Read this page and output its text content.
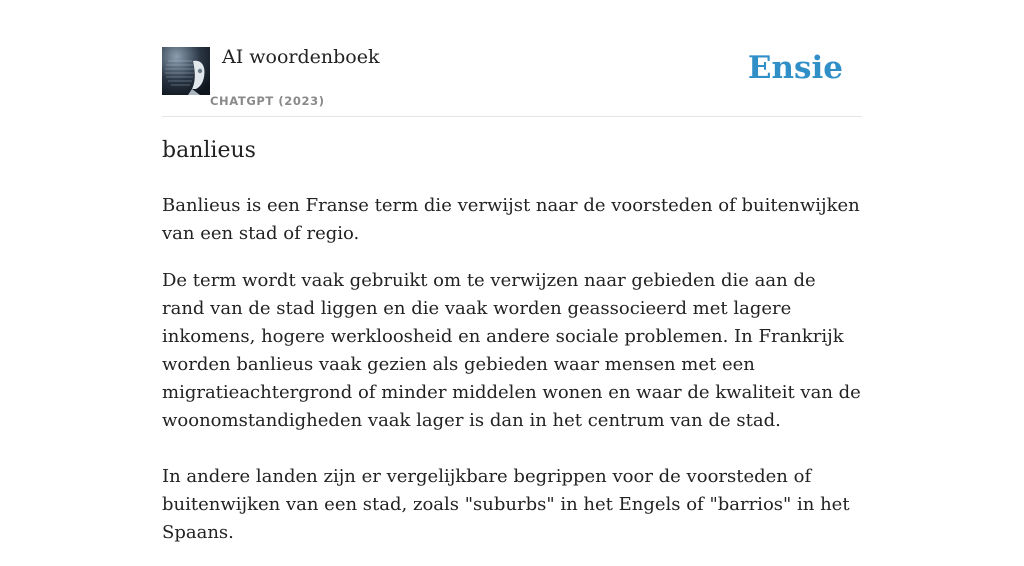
AI woordenboek
CHATGPT (2023)
Ensie
banlieus

Banlieus is een Franse term die verwijst naar de voorsteden of buitenwijken van een stad of regio.

De term wordt vaak gebruikt om te verwijzen naar gebieden die aan de rand van de stad liggen en die vaak worden geassocieerd met lagere inkomens, hogere werkloosheid en andere sociale problemen. In Frankrijk worden banlieus vaak gezien als gebieden waar mensen met een migratieachtergrond of minder middelen wonen en waar de kwaliteit van de woonomstandigheden vaak lager is dan in het centrum van de stad.

In andere landen zijn er vergelijkbare begrippen voor de voorsteden of buitenwijken van een stad, zoals "suburbs" in het Engels of "barrios" in het Spaans.
